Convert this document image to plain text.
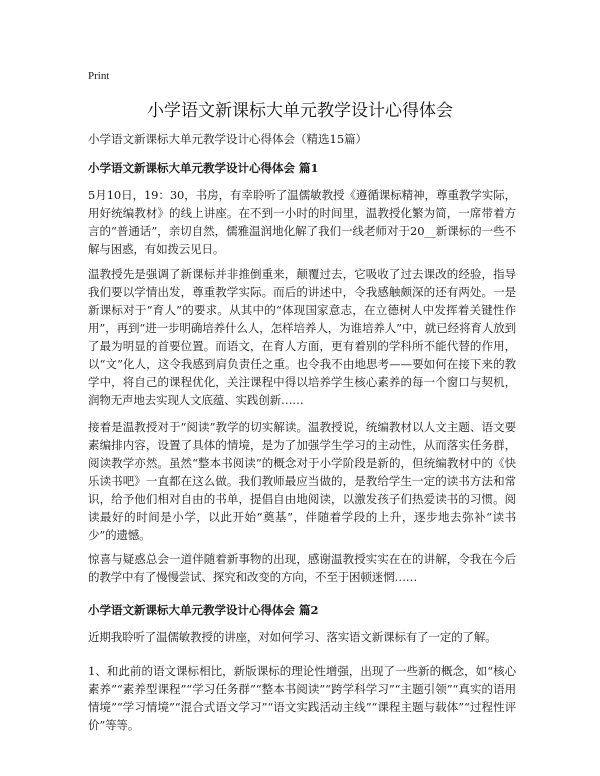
Print
小学语文新课标大单元教学设计心得体会

小学语文新课标大单元教学设计心得体会（精选15篇）

小学语文新课标大单元教学设计心得体会 篇1

5月10日，19：30，书房，有幸聆听了温儒敏教授《遵循课标精神，尊重教学实际，用好统编教材》的线上讲座。在不到一小时的时间里，温教授化繁为简，一席带着方言的“普通话”，亲切自然，儒雅温润地化解了我们一线老师对于20__新课标的一些不解与困惑，有如拨云见日。

温教授先是强调了新课标并非推倒重来，颠覆过去，它吸收了过去课改的经验，指导我们要以学情出发，尊重教学实际。而后的讲述中，令我感触颇深的还有两处。一是新课标对于“育人”的要求。从其中的“体现国家意志，在立德树人中发挥着关键性作用”，再到“进一步明确培养什么人，怎样培养人，为谁培养人”中，就已经将育人放到了最为明显的首要位置。而语文，在育人方面，更有着别的学科所不能代替的作用，以“文”化人，这令我感到肩负责任之重。也令我不由地思考——要如何在接下来的教学中，将自己的课程优化，关注课程中得以培养学生核心素养的每一个窗口与契机，润物无声地去实现人文底蕴、实践创新……

接着是温教授对于“阅读”教学的切实解读。温教授说，统编教材以人文主题、语文要素编排内容，设置了具体的情境，是为了加强学生学习的主动性，从而落实任务群，阅读教学亦然。虽然“整本书阅读”的概念对于小学阶段是新的，但统编教材中的《快乐读书吧》一直都在这么做。我们教师最应当做的，是教给学生一定的读书方法和常识，给予他们相对自由的书单，提倡自由地阅读，以激发孩子们热爱读书的习惯。阅读最好的时间是小学，以此开始“奠基”，伴随着学段的上升，逐步地去弥补“读书少”的遗憾。

惊喜与疑惑总会一道伴随着新事物的出现，感谢温教授实实在在的讲解，令我在今后的教学中有了慢慢尝试、探究和改变的方向，不至于困顿迷惘……

小学语文新课标大单元教学设计心得体会 篇2

近期我聆听了温儒敏教授的讲座，对如何学习、落实语文新课标有了一定的了解。

1、和此前的语文课标相比，新版课标的理论性增强，出现了一些新的概念，如“核心素养”“素养型课程”“学习任务群”“整本书阅读”“跨学科学习”“主题引领”“真实的语用情境”“学习情境”“混合式语文学习”“语文实践活动主线”“课程主题与载体”“过程性评价”等等。
